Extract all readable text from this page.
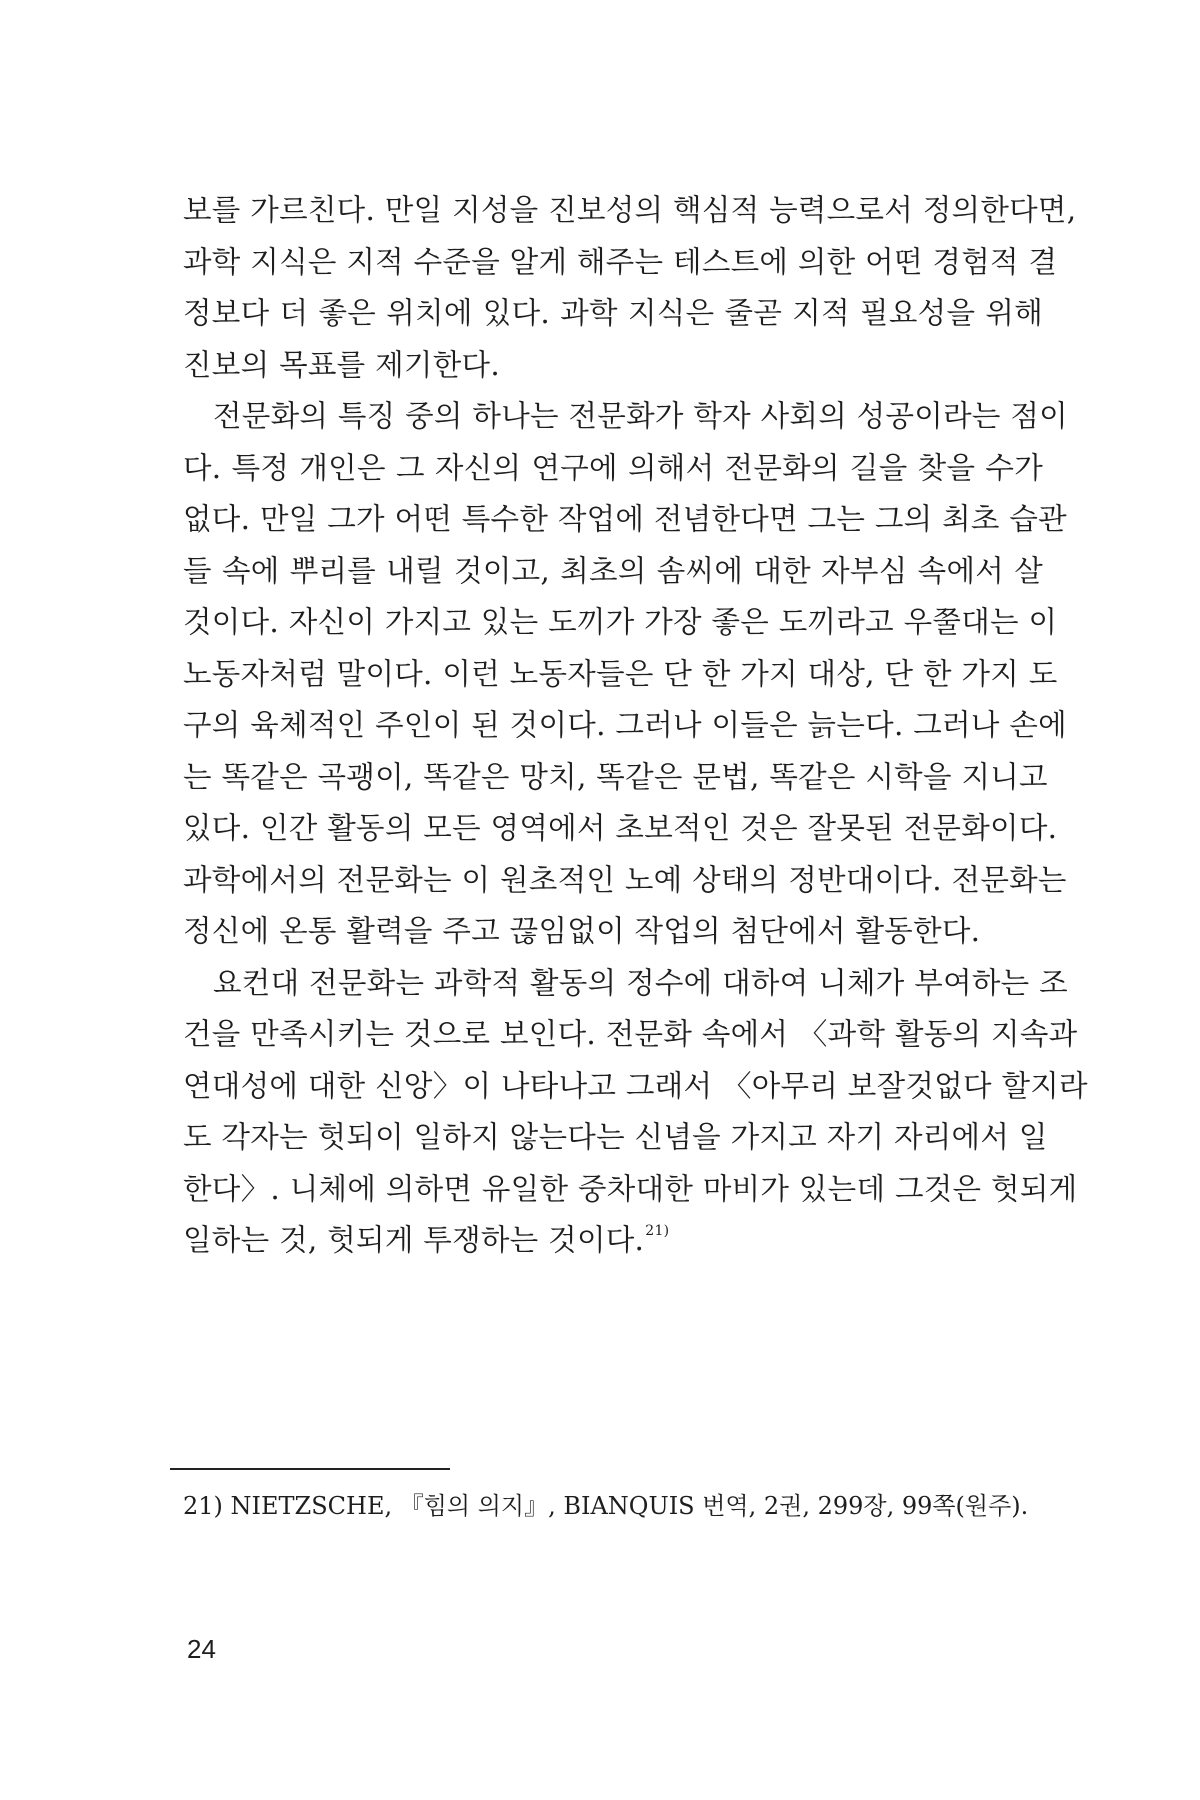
보를 가르친다. 만일 지성을 진보성의 핵심적 능력으로서 정의한다면,
과학 지식은 지적 수준을 알게 해주는 테스트에 의한 어떤 경험적 결
정보다 더 좋은 위치에 있다. 과학 지식은 줄곧 지적 필요성을 위해
진보의 목표를 제기한다.
전문화의 특징 중의 하나는 전문화가 학자 사회의 성공이라는 점이
다. 특정 개인은 그 자신의 연구에 의해서 전문화의 길을 찾을 수가
없다. 만일 그가 어떤 특수한 작업에 전념한다면 그는 그의 최초 습관
들 속에 뿌리를 내릴 것이고, 최초의 솜씨에 대한 자부심 속에서 살
것이다. 자신이 가지고 있는 도끼가 가장 좋은 도끼라고 우쭐대는 이
노동자처럼 말이다. 이런 노동자들은 단 한 가지 대상, 단 한 가지 도
구의 육체적인 주인이 된 것이다. 그러나 이들은 늙는다. 그러나 손에
는 똑같은 곡괭이, 똑같은 망치, 똑같은 문법, 똑같은 시학을 지니고
있다. 인간 활동의 모든 영역에서 초보적인 것은 잘못된 전문화이다.
과학에서의 전문화는 이 원초적인 노예 상태의 정반대이다. 전문화는
정신에 온통 활력을 주고 끊임없이 작업의 첨단에서 활동한다.
요컨대 전문화는 과학적 활동의 정수에 대하여 니체가 부여하는 조
건을 만족시키는 것으로 보인다. 전문화 속에서 〈과학 활동의 지속과
연대성에 대한 신앙〉이 나타나고 그래서 〈아무리 보잘것없다 할지라
도 각자는 헛되이 일하지 않는다는 신념을 가지고 자기 자리에서 일
한다〉. 니체에 의하면 유일한 중차대한 마비가 있는데 그것은 헛되게
일하는 것, 헛되게 투쟁하는 것이다.$^{21)}$

21) NIETZSCHE, 『힘의 의지』, BIANQUIS 번역, 2권, 299장, 99쪽(원주).

24
